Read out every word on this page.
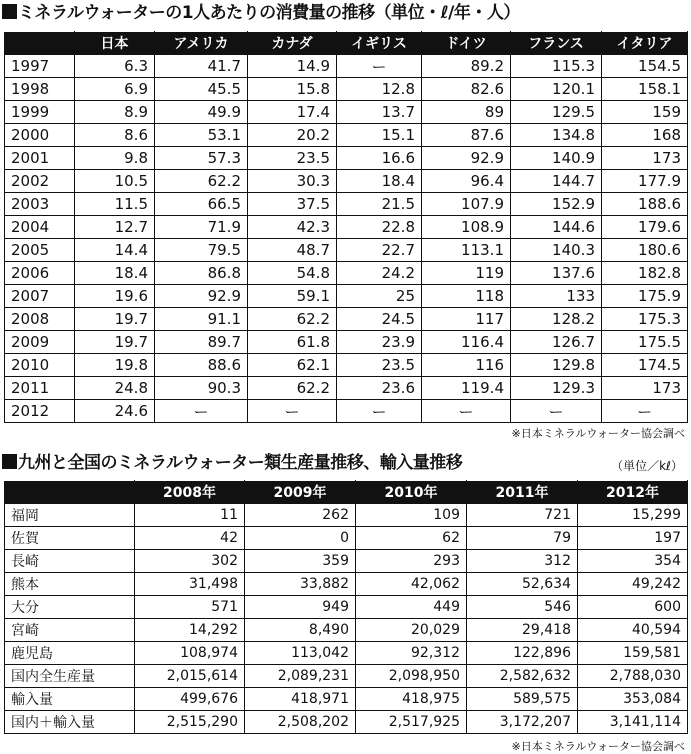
ミネラルウォーターの1人あたりの消費量の推移（単位・ℓ/年・人）
	日本	アメリカ	カナダ	イギリス	ドイツ	フランス	イタリア
1997	6.3	41.7	14.9	ー	89.2	115.3	154.5
1998	6.9	45.5	15.8	12.8	82.6	120.1	158.1
1999	8.9	49.9	17.4	13.7	89	129.5	159
2000	8.6	53.1	20.2	15.1	87.6	134.8	168
2001	9.8	57.3	23.5	16.6	92.9	140.9	173
2002	10.5	62.2	30.3	18.4	96.4	144.7	177.9
2003	11.5	66.5	37.5	21.5	107.9	152.9	188.6
2004	12.7	71.9	42.3	22.8	108.9	144.6	179.6
2005	14.4	79.5	48.7	22.7	113.1	140.3	180.6
2006	18.4	86.8	54.8	24.2	119	137.6	182.8
2007	19.6	92.9	59.1	25	118	133	175.9
2008	19.7	91.1	62.2	24.5	117	128.2	175.3
2009	19.7	89.7	61.8	23.9	116.4	126.7	175.5
2010	19.8	88.6	62.1	23.5	116	129.8	174.5
2011	24.8	90.3	62.2	23.6	119.4	129.3	173
2012	24.6	ー	ー	ー	ー	ー	ー
※日本ミネラルウォーター協会調べ
九州と全国のミネラルウォーター類生産量推移、輸入量推移	（単位／kℓ）
	2008年	2009年	2010年	2011年	2012年
福岡	11	262	109	721	15,299
佐賀	42	0	62	79	197
長崎	302	359	293	312	354
熊本	31,498	33,882	42,062	52,634	49,242
大分	571	949	449	546	600
宮崎	14,292	8,490	20,029	29,418	40,594
鹿児島	108,974	113,042	92,312	122,896	159,581
国内全生産量	2,015,614	2,089,231	2,098,950	2,582,632	2,788,030
輸入量	499,676	418,971	418,975	589,575	353,084
国内＋輸入量	2,515,290	2,508,202	2,517,925	3,172,207	3,141,114
※日本ミネラルウォーター協会調べ
